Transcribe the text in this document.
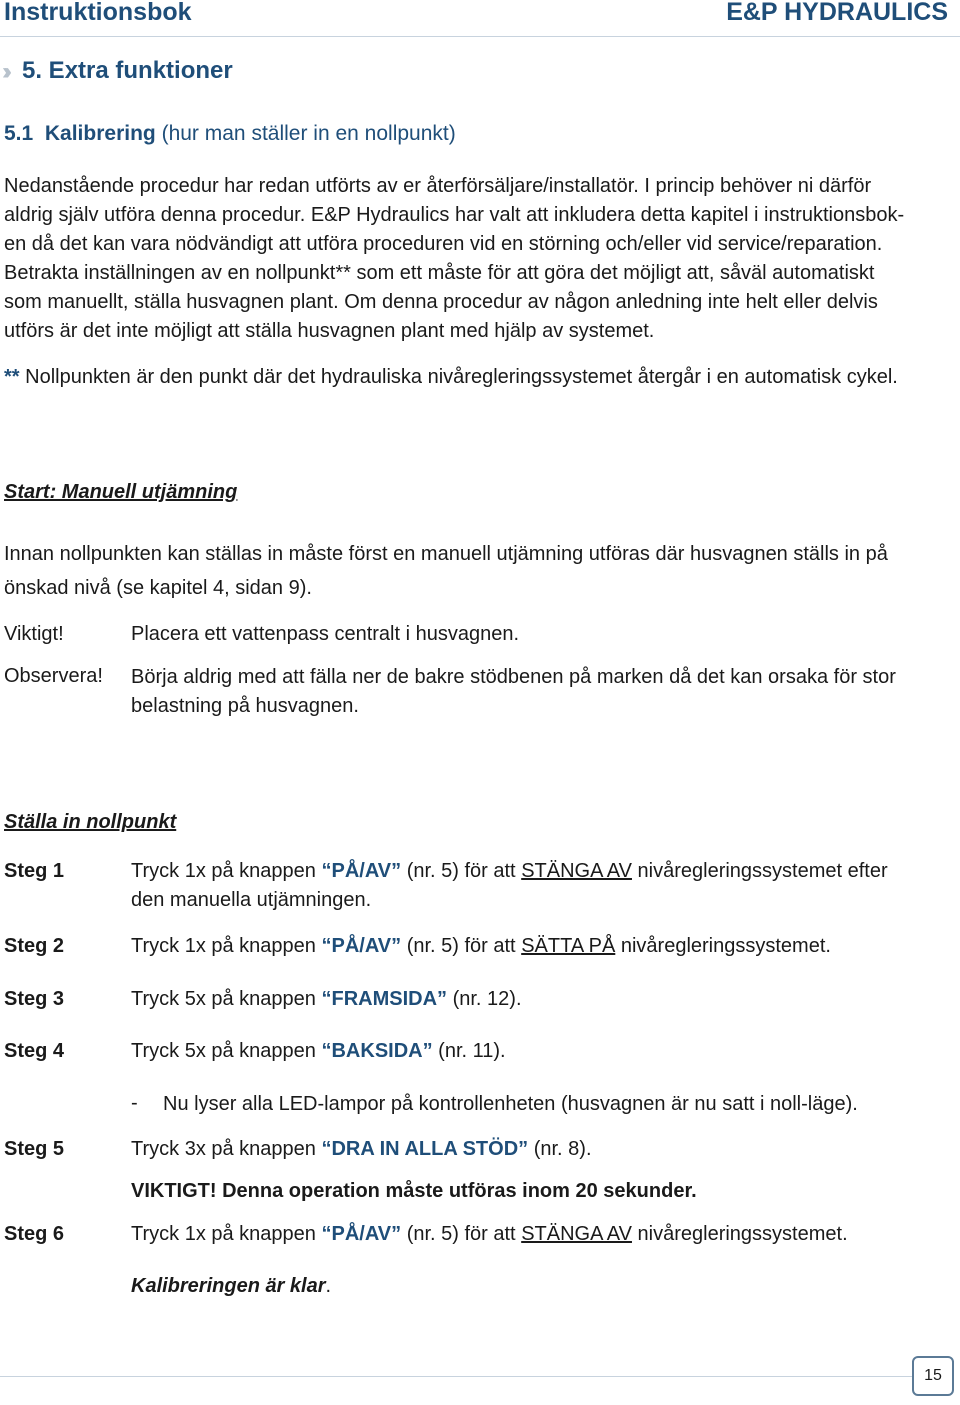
Instruktionsbok	E&P HYDRAULICS
›› 5. Extra funktioner
5.1 Kalibrering (hur man ställer in en nollpunkt)
Nedanstående procedur har redan utförts av er återförsäljare/installatör. I princip behöver ni därför
aldrig själv utföra denna procedur. E&P Hydraulics har valt att inkludera detta kapitel i instruktionsbok-
en då det kan vara nödvändigt att utföra proceduren vid en störning och/eller vid service/reparation.
Betrakta inställningen av en nollpunkt** som ett måste för att göra det möjligt att, såväl automatiskt
som manuellt, ställa husvagnen plant. Om denna procedur av någon anledning inte helt eller delvis
utförs är det inte möjligt att ställa husvagnen plant med hjälp av systemet.
** Nollpunkten är den punkt där det hydrauliska nivåregleringssystemet återgår i en automatisk cykel.
Start: Manuell utjämning
Innan nollpunkten kan ställas in måste först en manuell utjämning utföras där husvagnen ställs in på
önskad nivå (se kapitel 4, sidan 9).
Viktigt!	Placera ett vattenpass centralt i husvagnen.
Observera! Börja aldrig med att fälla ner de bakre stödbenen på marken då det kan orsaka för stor
belastning på husvagnen.
Ställa in nollpunkt
Steg 1	Tryck 1x på knappen “PÅ/AV” (nr. 5) för att STÄNGA AV nivåregleringssystemet efter
den manuella utjämningen.
Steg 2	Tryck 1x på knappen “PÅ/AV” (nr. 5) för att SÄTTA PÅ nivåregleringssystemet.
Steg 3	Tryck 5x på knappen “FRAMSIDA” (nr. 12).
Steg 4	Tryck 5x på knappen “BAKSIDA” (nr. 11).
- Nu lyser alla LED-lampor på kontrollenheten (husvagnen är nu satt i noll-läge).
Steg 5	Tryck 3x på knappen “DRA IN ALLA STÖD” (nr. 8).
VIKTIGT! Denna operation måste utföras inom 20 sekunder.
Steg 6	Tryck 1x på knappen “PÅ/AV” (nr. 5) för att STÄNGA AV nivåregleringssystemet.
Kalibreringen är klar.
15
